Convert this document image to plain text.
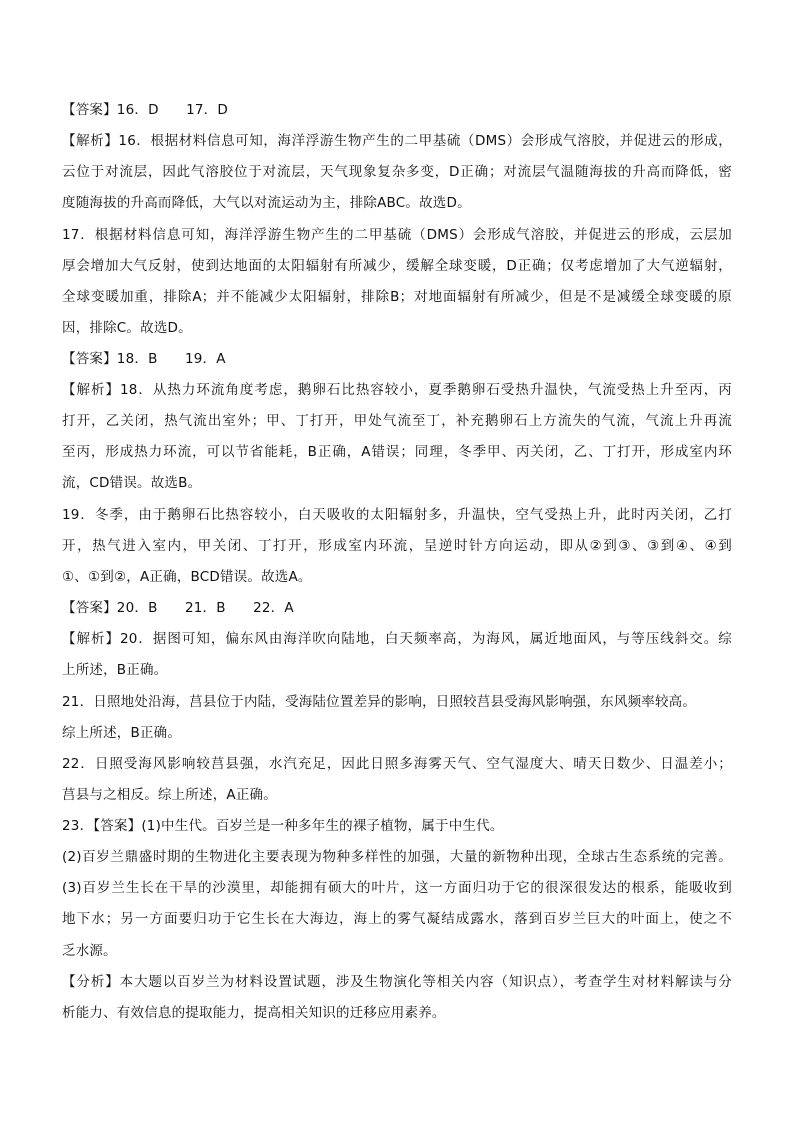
【答案】16．D　　17．D
【解析】16．根据材料信息可知，海洋浮游生物产生的二甲基硫（DMS）会形成气溶胶，并促进云的形成，
云位于对流层，因此气溶胶位于对流层，天气现象复杂多变，D正确；对流层气温随海拔的升高而降低，密
度随海拔的升高而降低，大气以对流运动为主，排除ABC。故选D。
17．根据材料信息可知，海洋浮游生物产生的二甲基硫（DMS）会形成气溶胶，并促进云的形成，云层加
厚会增加大气反射，使到达地面的太阳辐射有所减少，缓解全球变暖，D正确；仅考虑增加了大气逆辐射，
全球变暖加重，排除A；并不能减少太阳辐射，排除B；对地面辐射有所减少，但是不是减缓全球变暖的原
因，排除C。故选D。
【答案】18．B　　19．A
【解析】18．从热力环流角度考虑，鹅卵石比热容较小，夏季鹅卵石受热升温快，气流受热上升至丙，丙
打开，乙关闭，热气流出室外；甲、丁打开，甲处气流至丁，补充鹅卵石上方流失的气流，气流上升再流
至丙，形成热力环流，可以节省能耗，B正确，A错误；同理，冬季甲、丙关闭，乙、丁打开，形成室内环
流，CD错误。故选B。
19．冬季，由于鹅卵石比热容较小，白天吸收的太阳辐射多，升温快，空气受热上升，此时丙关闭，乙打
开，热气进入室内，甲关闭、丁打开，形成室内环流，呈逆时针方向运动，即从②到③、③到④、④到
①、①到②，A正确，BCD错误。故选A。
【答案】20．B　　21．B　　22．A
【解析】20．据图可知，偏东风由海洋吹向陆地，白天频率高，为海风，属近地面风，与等压线斜交。综
上所述，B正确。
21．日照地处沿海，莒县位于内陆，受海陆位置差异的影响，日照较莒县受海风影响强，东风频率较高。
综上所述，B正确。
22．日照受海风影响较莒县强，水汽充足，因此日照多海雾天气、空气湿度大、晴天日数少、日温差小；
莒县与之相反。综上所述，A正确。
23．【答案】(1)中生代。百岁兰是一种多年生的裸子植物，属于中生代。
(2)百岁兰鼎盛时期的生物进化主要表现为物种多样性的加强，大量的新物种出现，全球古生态系统的完善。
(3)百岁兰生长在干旱的沙漠里，却能拥有硕大的叶片，这一方面归功于它的很深很发达的根系，能吸收到
地下水；另一方面要归功于它生长在大海边，海上的雾气凝结成露水，落到百岁兰巨大的叶面上，使之不
乏水源。
【分析】本大题以百岁兰为材料设置试题，涉及生物演化等相关内容（知识点），考查学生对材料解读与分
析能力、有效信息的提取能力，提高相关知识的迁移应用素养。
